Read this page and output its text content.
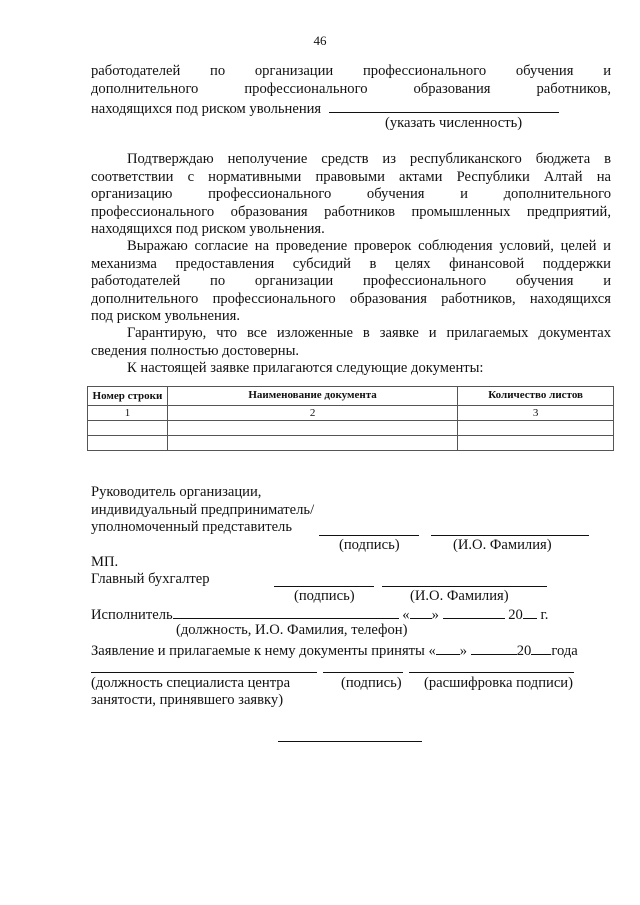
46
работодателей по организации профессионального обучения и
дополнительного профессионального образования работников,
находящихся под риском увольнения
(указать численность)
Подтверждаю неполучение средств из республиканского бюджета в
соответствии с нормативными правовыми актами Республики Алтай на
организацию профессионального обучения и дополнительного
профессионального образования работников промышленных предприятий,
находящихся под риском увольнения.
Выражаю согласие на проведение проверок соблюдения условий, целей и
механизма предоставления субсидий в целях финансовой поддержки
работодателей по организации профессионального обучения и
дополнительного профессионального образования работников, находящихся
под риском увольнения.
Гарантирую, что все изложенные в заявке и прилагаемых документах
сведения полностью достоверны.
К настоящей заявке прилагаются следующие документы:
Номер строки	Наименование документа	Количество листов
1	2	3

Руководитель организации,
индивидуальный предприниматель/
уполномоченный представитель
(подпись)	(И.О. Фамилия)
МП.
Главный бухгалтер
(подпись)	(И.О. Фамилия)
Исполнитель	« »	20 г.
(должность, И.О. Фамилия, телефон)
Заявление и прилагаемые к нему документы приняты « »	20 года
(должность специалиста центра
занятости, принявшего заявку)
(подпись) (расшифровка подписи)
